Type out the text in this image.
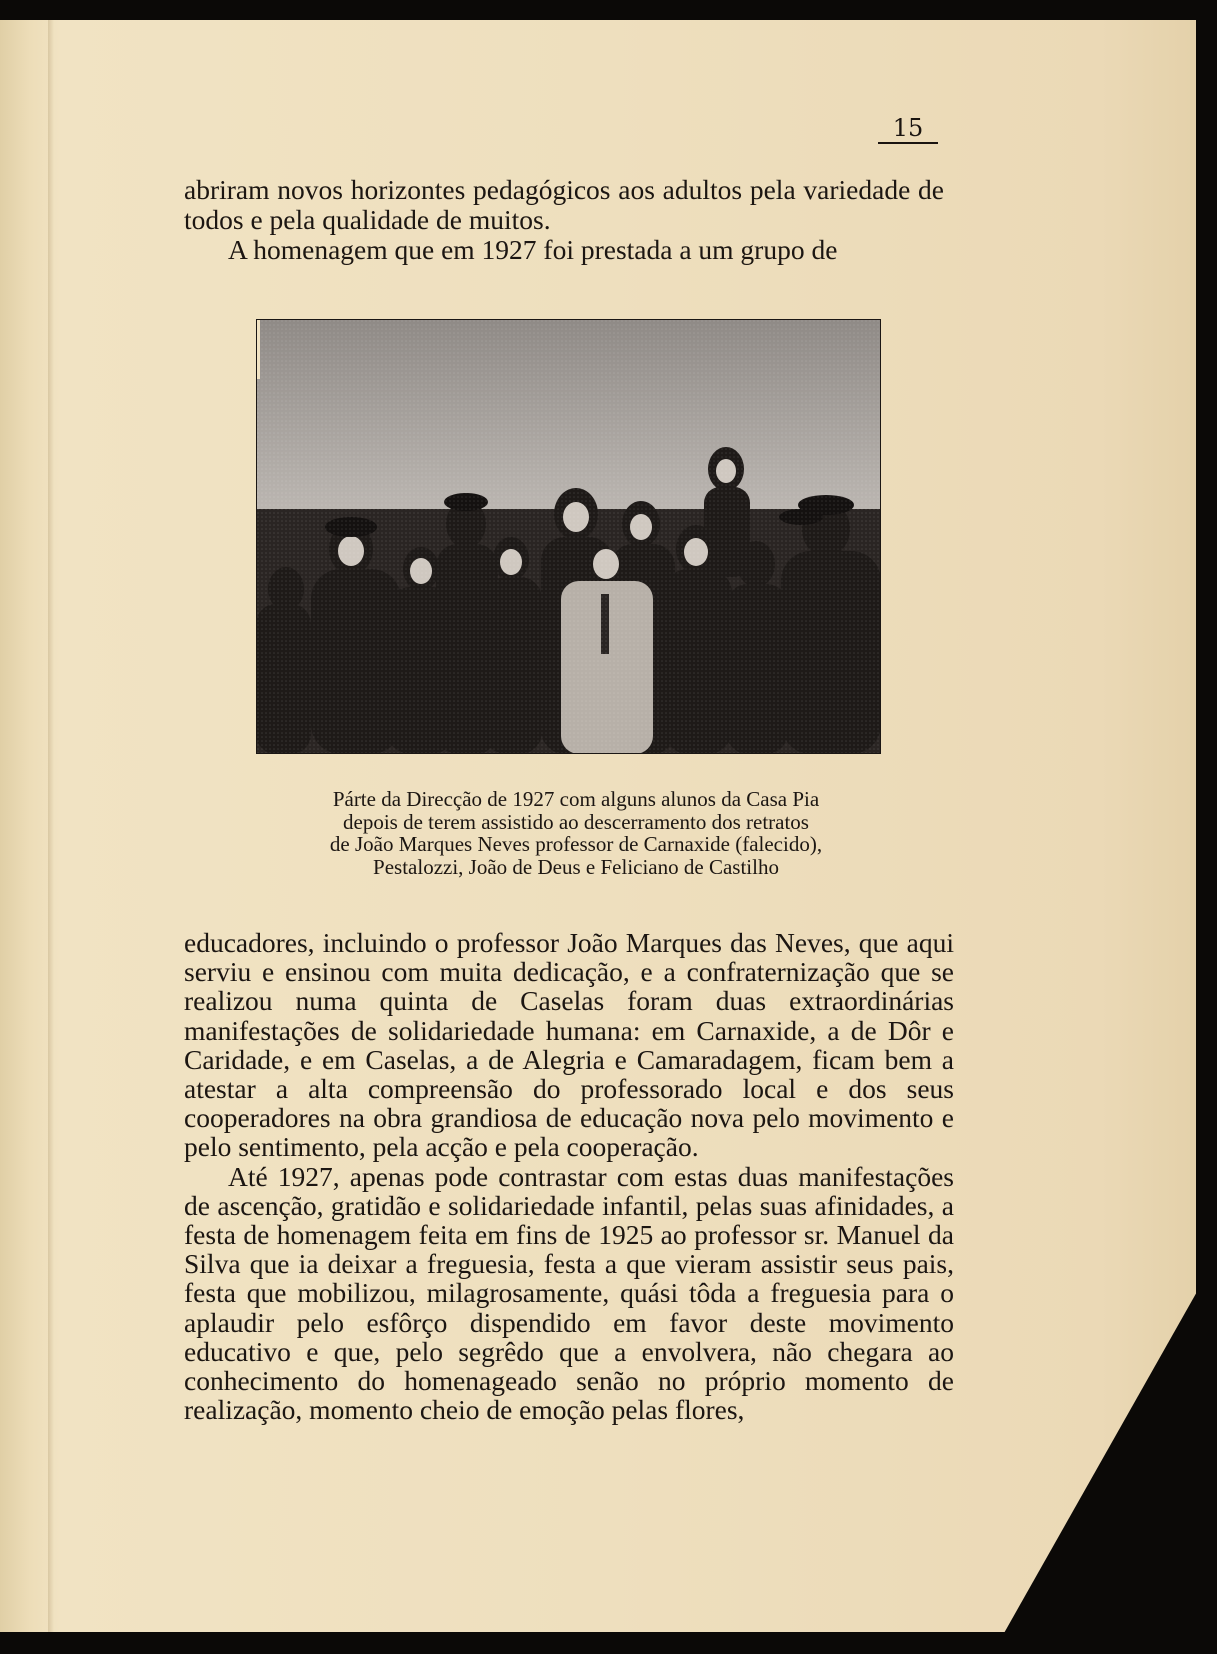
15

abriram novos horizontes pedagógicos aos adultos pela variedade de todos e pela qualidade de muitos.

A homenagem que em 1927 foi prestada a um grupo de

Párte da Direcção de 1927 com alguns alunos da Casa Pia
depois de terem assistido ao descerramento dos retratos
de João Marques Neves professor de Carnaxide (falecido),
Pestalozzi, João de Deus e Feliciano de Castilho

educadores, incluindo o professor João Marques das Neves, que aqui serviu e ensinou com muita dedicação, e a confraternização que se realizou numa quinta de Caselas foram duas extraordinárias manifestações de solidariedade humana: em Carnaxide, a de Dôr e Caridade, e em Caselas, a de Alegria e Camaradagem, ficam bem a atestar a alta compreensão do professorado local e dos seus cooperadores na obra grandiosa de educação nova pelo movimento e pelo sentimento, pela acção e pela cooperação.

Até 1927, apenas pode contrastar com estas duas manifestações de ascenção, gratidão e solidariedade infantil, pelas suas afinidades, a festa de homenagem feita em fins de 1925 ao professor sr. Manuel da Silva que ia deixar a freguesia, festa a que vieram assistir seus pais, festa que mobilizou, milagrosamente, quási tôda a freguesia para o aplaudir pelo esfôrço dispendido em favor deste movimento educativo e que, pelo segrêdo que a envolvera, não chegara ao conhecimento do homenageado senão no próprio momento de realização, momento cheio de emoção pelas flores,
